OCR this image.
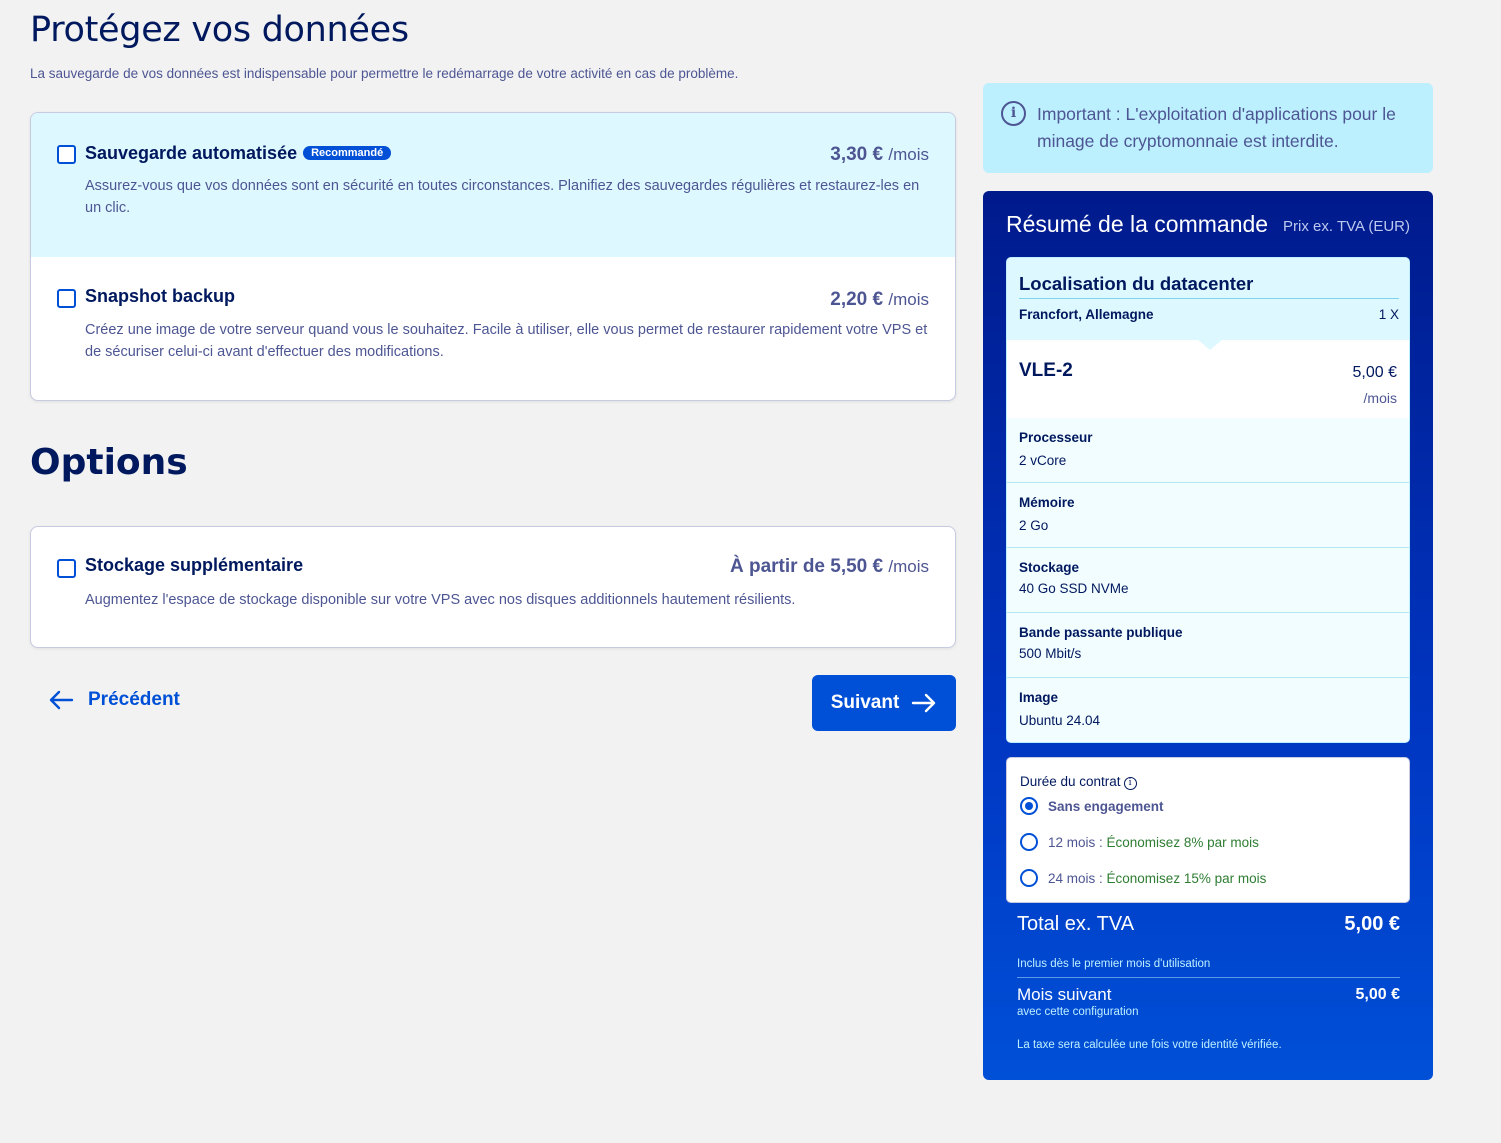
Protégez vos données

La sauvegarde de vos données est indispensable pour permettre le redémarrage de votre activité en cas de problème.

Sauvegarde automatisée Recommandé	3,30 € /mois
Assurez-vous que vos données sont en sécurité en toutes circonstances. Planifiez des sauvegardes régulières et restaurez-les en un clic.
Snapshot backup	2,20 € /mois
Créez une image de votre serveur quand vous le souhaitez. Facile à utiliser, elle vous permet de restaurer rapidement votre VPS et de sécuriser celui-ci avant d'effectuer des modifications.
Options
Stockage supplémentaire	À partir de 5,50 € /mois
Augmentez l'espace de stockage disponible sur votre VPS avec nos disques additionnels hautement résilients.
Précédent	Suivant
Important : L'exploitation d'applications pour le minage de cryptomonnaie est interdite.
i
Résumé de la commande Prix ex. TVA (EUR)
Localisation du datacenter
Francfort, Allemagne	1 X
VLE-2	5,00 €
/mois
Processeur
2 vCore
Mémoire
2 Go
Stockage
40 Go SSD NVMe
Bande passante publique
500 Mbit/s
Image
Ubuntu 24.04
Durée du contrat i
Sans engagement
12 mois : Économisez 8% par mois
24 mois : Économisez 15% par mois
Total ex. TVA	5,00 €
Inclus dès le premier mois d'utilisation
Mois suivant
avec cette configuration
5,00 €
La taxe sera calculée une fois votre identité vérifiée.
